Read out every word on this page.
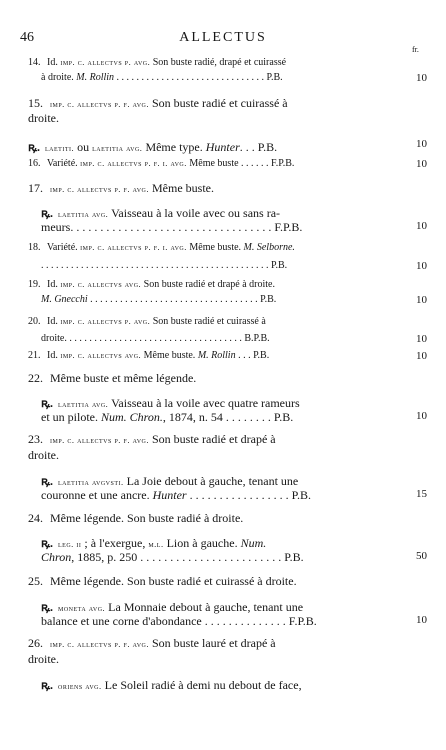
46	ALLECTUS
fr.
14. Id. imp. c. allectvs p. avg. Son buste radié, drapé et cuirassé
à droite. M. Rollin . . . . . . . . . . . . . . . . . . . . . . . . . . . . . . P.B.	10
15. imp. c. allectvs p. f. avg. Son buste radié et cuirassé à
droite.
ꝶ. laetiti. ou laetitia avg. Même type. Hunter. . . P.B.	10
16. Variété. imp. c. allectvs p. f. i. avg. Même buste . . . . . . F.P.B.	10
17. imp. c. allectvs p. f. avg. Même buste.
ꝶ. laetitia avg. Vaisseau à la voile avec ou sans ra-
meurs. . . . . . . . . . . . . . . . . . . . . . . . . . . . . . . . . . F.P.B.	10
18. Variété. imp. c. allectvs p. f. i. avg. Même buste. M. Selborne.
. . . . . . . . . . . . . . . . . . . . . . . . . . . . . . . . . . . . . . . . . . . . . . P.B.	10
19. Id. imp. c. allectvs avg. Son buste radié et drapé à droite.
M. Gnecchi . . . . . . . . . . . . . . . . . . . . . . . . . . . . . . . . . . P.B.	10
20. Id. imp. c. allectvs p. avg. Son buste radié et cuirassé à
droite. . . . . . . . . . . . . . . . . . . . . . . . . . . . . . . . . . . . B.P.B.	10
21. Id. imp. c. allectvs avg. Même buste. M. Rollin . . . P.B.	10
22. Même buste et même légende.
ꝶ. laetitia avg. Vaisseau à la voile avec quatre rameurs
et un pilote. Num. Chron., 1874, n. 54 . . . . . . . . P.B.	10
23. imp. c. allectvs p. f. avg. Son buste radié et drapé à
droite.
ꝶ. laetitia avgvsti. La Joie debout à gauche, tenant une
couronne et une ancre. Hunter . . . . . . . . . . . . . . . . . P.B.	15
24. Même légende. Son buste radié à droite.
ꝶ. leg. ii ; à l'exergue, m.l. Lion à gauche. Num.
Chron, 1885, p. 250 . . . . . . . . . . . . . . . . . . . . . . . . P.B.	50
25. Même légende. Son buste radié et cuirassé à droite.
ꝶ. moneta avg. La Monnaie debout à gauche, tenant une
balance et une corne d'abondance . . . . . . . . . . . . . . F.P.B.	10
26. imp. c. allectvs p. f. avg. Son buste lauré et drapé à
droite.
ꝶ. oriens avg. Le Soleil radié à demi nu debout de face,
